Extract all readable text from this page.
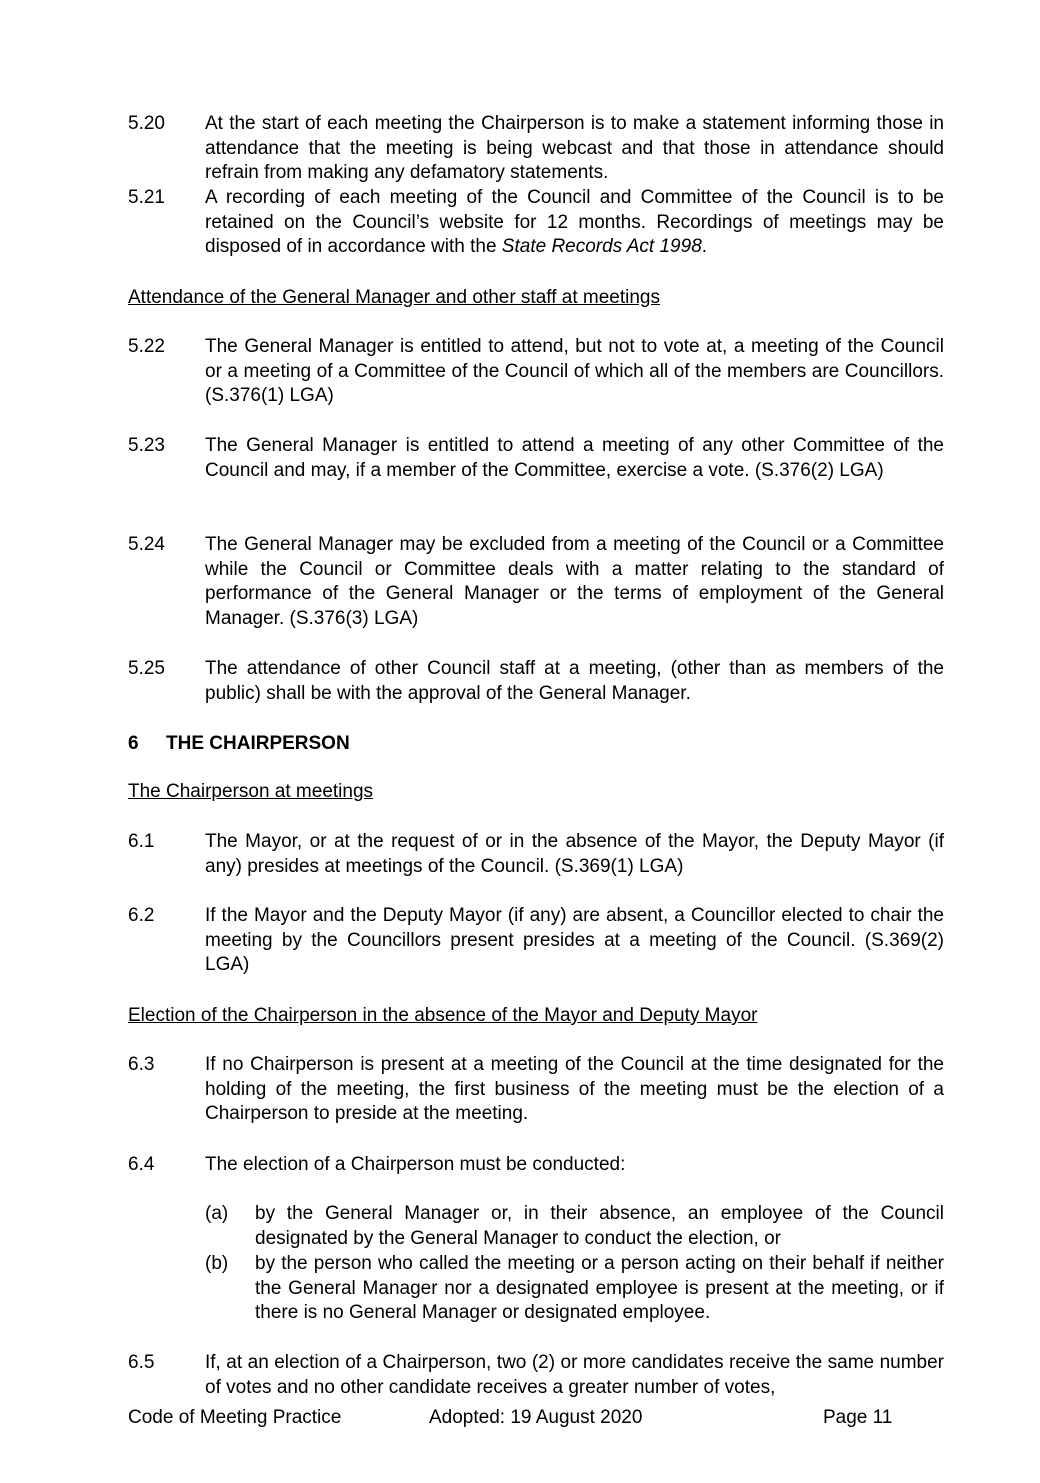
5.20	At the start of each meeting the Chairperson is to make a statement informing those in attendance that the meeting is being webcast and that those in attendance should refrain from making any defamatory statements.
5.21	A recording of each meeting of the Council and Committee of the Council is to be retained on the Council’s website for 12 months. Recordings of meetings may be disposed of in accordance with the State Records Act 1998.
Attendance of the General Manager and other staff at meetings
5.22	The General Manager is entitled to attend, but not to vote at, a meeting of the Council or a meeting of a Committee of the Council of which all of the members are Councillors. (S.376(1) LGA)
5.23	The General Manager is entitled to attend a meeting of any other Committee of the Council and may, if a member of the Committee, exercise a vote. (S.376(2) LGA)
5.24	The General Manager may be excluded from a meeting of the Council or a Committee while the Council or Committee deals with a matter relating to the standard of performance of the General Manager or the terms of employment of the General Manager. (S.376(3) LGA)
5.25	The attendance of other Council staff at a meeting, (other than as members of the public) shall be with the approval of the General Manager.
6 THE CHAIRPERSON
The Chairperson at meetings
6.1	The Mayor, or at the request of or in the absence of the Mayor, the Deputy Mayor (if any) presides at meetings of the Council. (S.369(1) LGA)
6.2	If the Mayor and the Deputy Mayor (if any) are absent, a Councillor elected to chair the meeting by the Councillors present presides at a meeting of the Council. (S.369(2) LGA)
Election of the Chairperson in the absence of the Mayor and Deputy Mayor
6.3	If no Chairperson is present at a meeting of the Council at the time designated for the holding of the meeting, the first business of the meeting must be the election of a Chairperson to preside at the meeting.
6.4	The election of a Chairperson must be conducted:
(a)	by the General Manager or, in their absence, an employee of the Council designated by the General Manager to conduct the election, or
(b)	by the person who called the meeting or a person acting on their behalf if neither the General Manager nor a designated employee is present at the meeting, or if there is no General Manager or designated employee.
6.5	If, at an election of a Chairperson, two (2) or more candidates receive the same number of votes and no other candidate receives a greater number of votes,
Code of Meeting Practice	Adopted: 19 August 2020	Page 11
